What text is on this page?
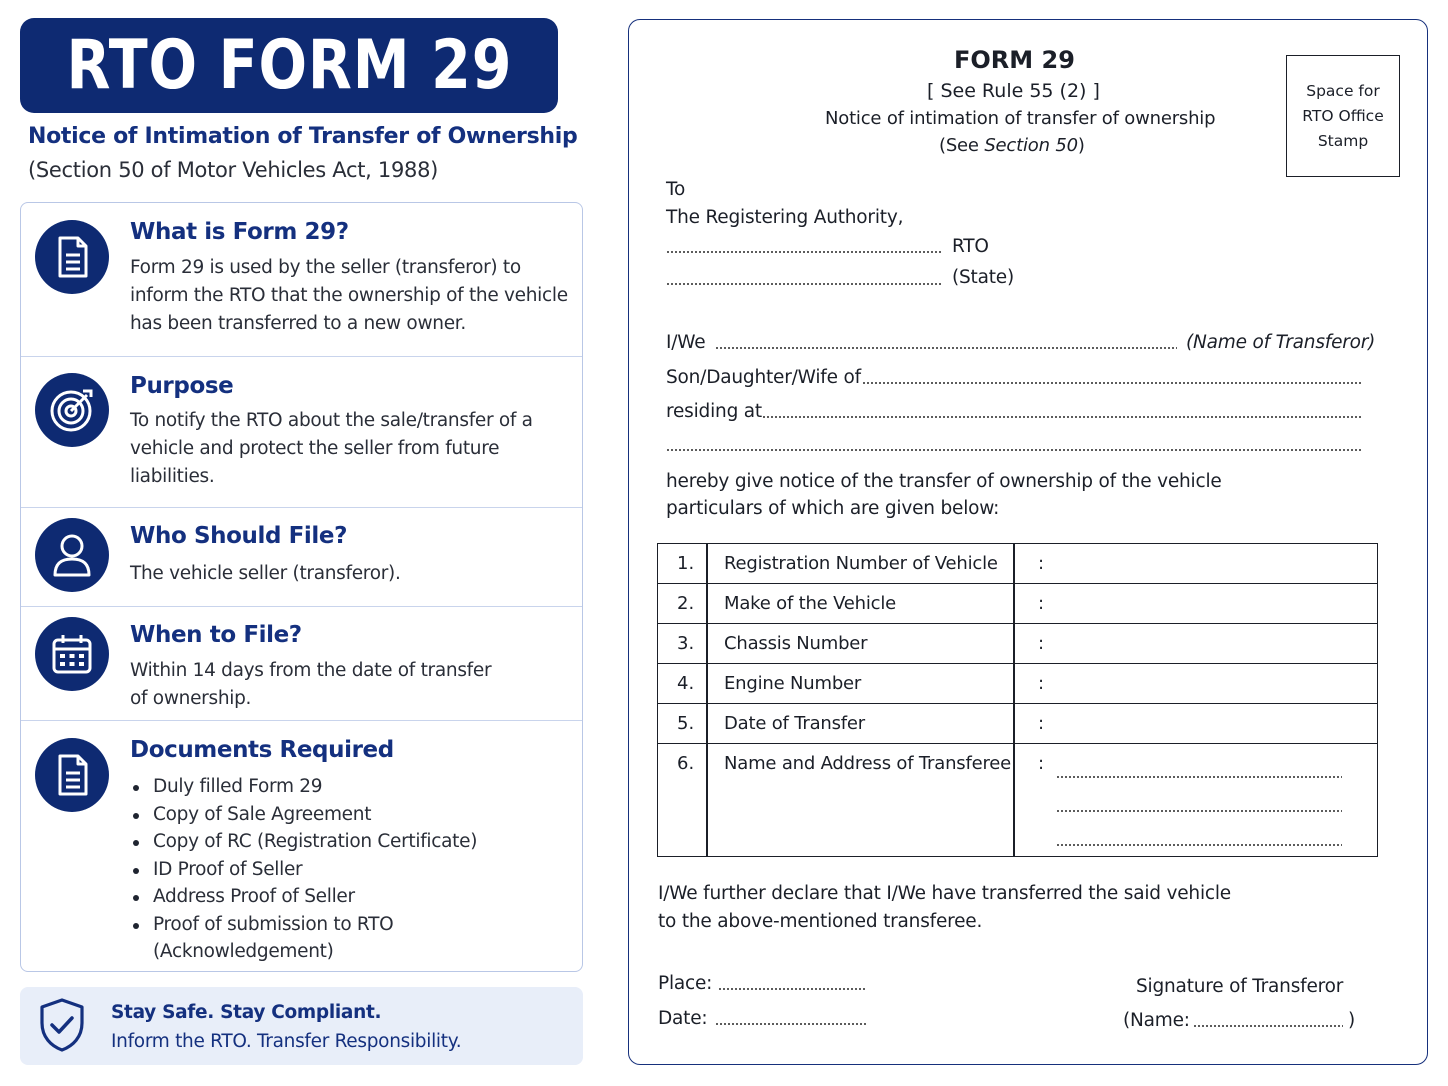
RTO FORM 29
Notice of Intimation of Transfer of Ownership
(Section 50 of Motor Vehicles Act, 1988)
What is Form 29?
Form 29 is used by the seller (transferor) to inform the RTO that the ownership of the vehicle has been transferred to a new owner.
Purpose
To notify the RTO about the sale/transfer of a vehicle and protect the seller from future liabilities.
Who Should File?
The vehicle seller (transferor).
When to File?
Within 14 days from the date of transfer of ownership.
Documents Required
Duly filled Form 29
Copy of Sale Agreement
Copy of RC (Registration Certificate)
ID Proof of Seller
Address Proof of Seller
Proof of submission to RTO (Acknowledgement)
Stay Safe. Stay Compliant.
Inform the RTO. Transfer Responsibility.
FORM 29
[ See Rule 55 (2) ]
Notice of intimation of transfer of ownership
(See Section 50)
Space for
RTO Office
Stamp
To
The Registering Authority,
RTO
(State)
I/We	(Name of Transferor)
Son/Daughter/Wife of
residing at
hereby give notice of the transfer of ownership of the vehicle
particulars of which are given below:
1. Registration Number of Vehicle :
2. Make of the Vehicle	:
3. Chassis Number	:
4. Engine Number	:
5. Date of Transfer	:
6. Name and Address of Transferee :
I/We further declare that I/We have transferred the said vehicle
to the above-mentioned transferee.
Place:
Date:
Signature of Transferor
(Name:	)
